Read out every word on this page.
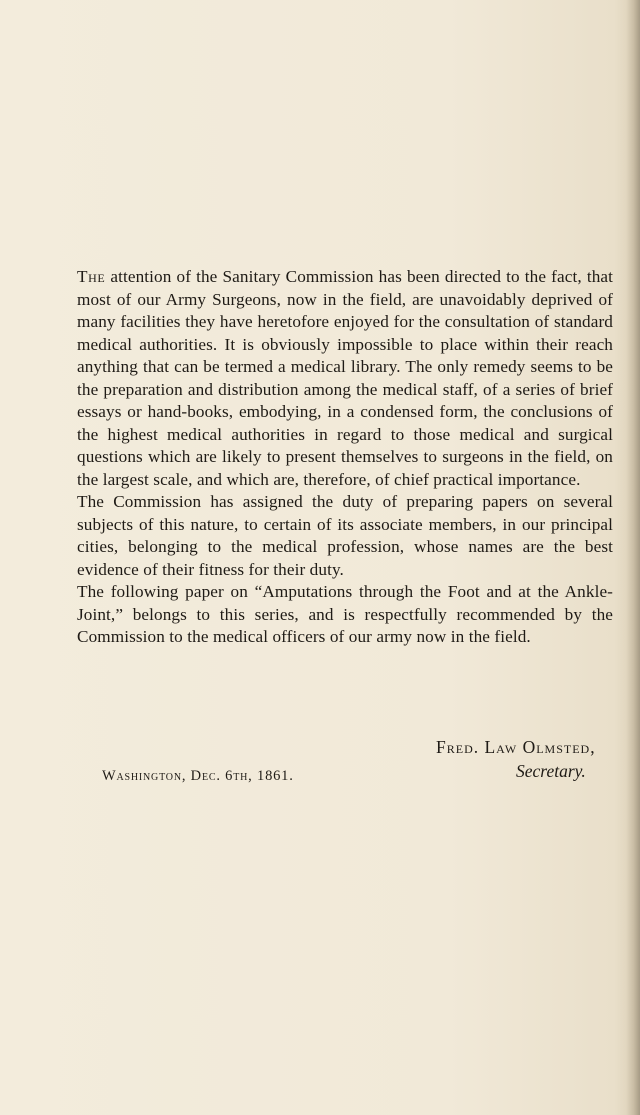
The attention of the Sanitary Commission has been directed to the fact, that most of our Army Surgeons, now in the field, are unavoidably deprived of many facilities they have heretofore enjoyed for the consultation of standard medical authorities. It is obviously impossible to place within their reach anything that can be termed a medical library. The only remedy seems to be the preparation and distribution among the medical staff, of a series of brief essays or hand-books, embodying, in a condensed form, the conclusions of the highest medical authorities in regard to those medical and surgical questions which are likely to present themselves to surgeons in the field, on the largest scale, and which are, therefore, of chief practical importance.

The Commission has assigned the duty of preparing papers on several subjects of this nature, to certain of its associate members, in our principal cities, belonging to the medical profession, whose names are the best evidence of their fitness for their duty.

The following paper on “Amputations through the Foot and at the Ankle-Joint,” belongs to this series, and is respectfully recommended by the Commission to the medical officers of our army now in the field.

Fred. Law Olmsted,
Secretary.
Washington, Dec. 6th, 1861.
